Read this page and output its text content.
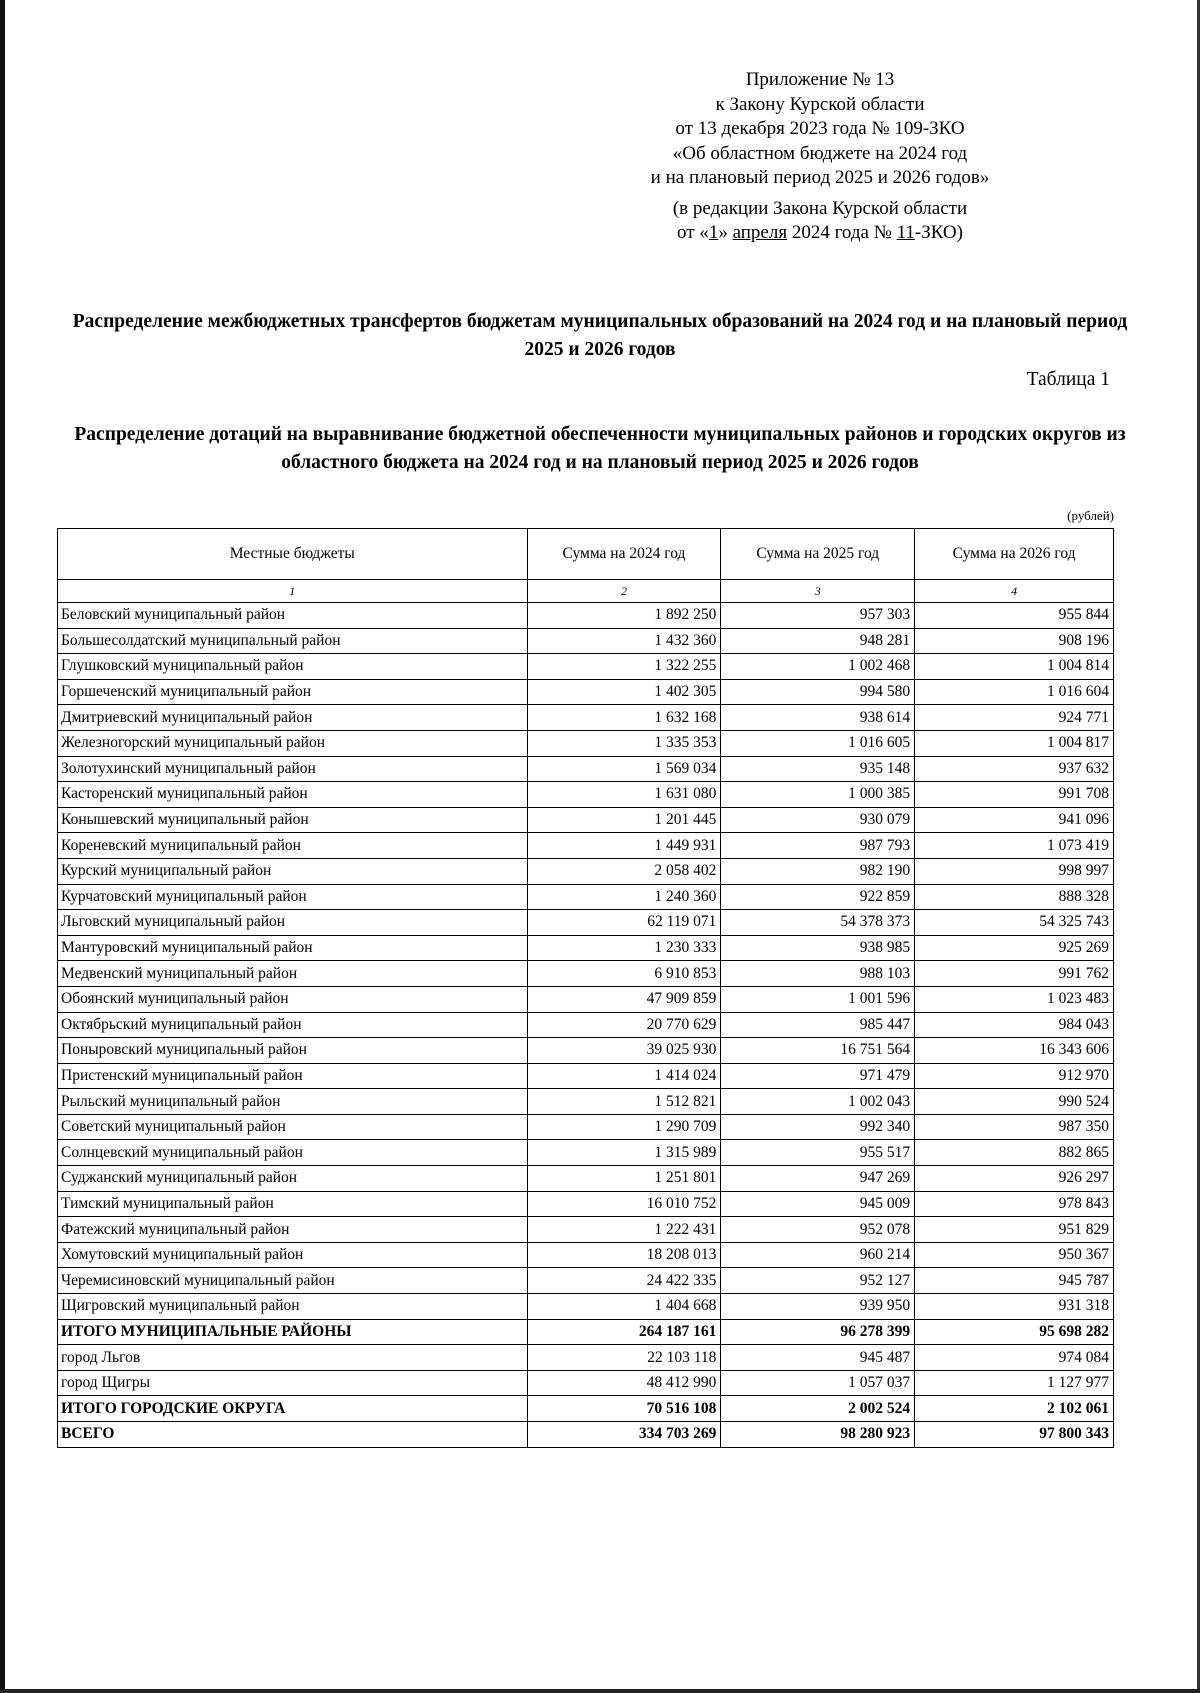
Приложение № 13
к Закону Курской области
от 13 декабря 2023 года № 109-ЗКО
«Об областном бюджете на 2024 год
и на плановый период 2025 и 2026 годов»
(в редакции Закона Курской области
от «1» апреля 2024 года № 11-ЗКО)
Распределение межбюджетных трансфертов бюджетам муниципальных образований на 2024 год и на плановый период 2025 и 2026 годов
Таблица 1
Распределение дотаций на выравнивание бюджетной обеспеченности муниципальных районов и городских округов из областного бюджета на 2024 год и на плановый период 2025 и 2026 годов
(рублей)
Местные бюджеты	Сумма на 2024 год	Сумма на 2025 год	Сумма на 2026 год
1	2	3	4
Беловский муниципальный район	1 892 250	957 303	955 844
Большесолдатский муниципальный район	1 432 360	948 281	908 196
Глушковский муниципальный район	1 322 255	1 002 468	1 004 814
Горшеченский муниципальный район	1 402 305	994 580	1 016 604
Дмитриевский муниципальный район	1 632 168	938 614	924 771
Железногорский муниципальный район	1 335 353	1 016 605	1 004 817
Золотухинский муниципальный район	1 569 034	935 148	937 632
Касторенский муниципальный район	1 631 080	1 000 385	991 708
Конышевский муниципальный район	1 201 445	930 079	941 096
Кореневский муниципальный район	1 449 931	987 793	1 073 419
Курский муниципальный район	2 058 402	982 190	998 997
Курчатовский муниципальный район	1 240 360	922 859	888 328
Льговский муниципальный район	62 119 071	54 378 373	54 325 743
Мантуровский муниципальный район	1 230 333	938 985	925 269
Медвенский муниципальный район	6 910 853	988 103	991 762
Обоянский муниципальный район	47 909 859	1 001 596	1 023 483
Октябрьский муниципальный район	20 770 629	985 447	984 043
Поныровский муниципальный район	39 025 930	16 751 564	16 343 606
Пристенский муниципальный район	1 414 024	971 479	912 970
Рыльский муниципальный район	1 512 821	1 002 043	990 524
Советский муниципальный район	1 290 709	992 340	987 350
Солнцевский муниципальный район	1 315 989	955 517	882 865
Суджанский муниципальный район	1 251 801	947 269	926 297
Тимский муниципальный район	16 010 752	945 009	978 843
Фатежский муниципальный район	1 222 431	952 078	951 829
Хомутовский муниципальный район	18 208 013	960 214	950 367
Черемисиновский муниципальный район	24 422 335	952 127	945 787
Щигровский муниципальный район	1 404 668	939 950	931 318
ИТОГО МУНИЦИПАЛЬНЫЕ РАЙОНЫ	264 187 161	96 278 399	95 698 282
город Льгов	22 103 118	945 487	974 084
город Щигры	48 412 990	1 057 037	1 127 977
ИТОГО ГОРОДСКИЕ ОКРУГА	70 516 108	2 002 524	2 102 061
ВСЕГО	334 703 269	98 280 923	97 800 343
